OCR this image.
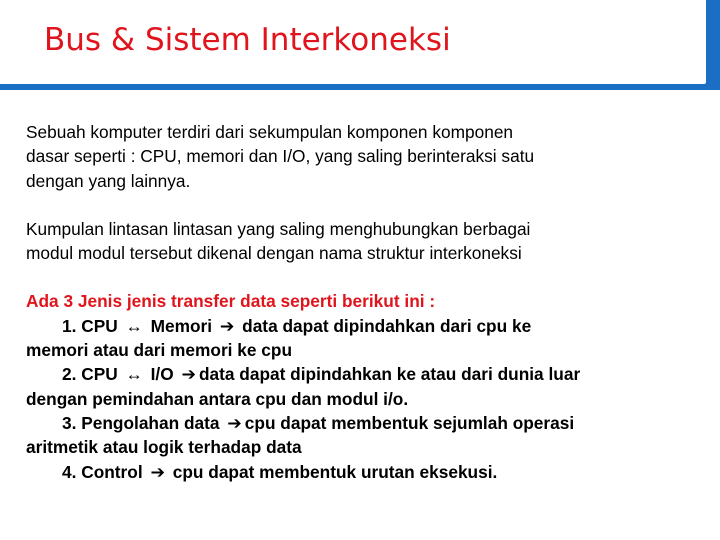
Bus & Sistem Interkoneksi
Sebuah komputer terdiri dari sekumpulan komponen komponen
dasar seperti : CPU, memori dan I/O, yang saling berinteraksi satu
dengan yang lainnya.
Kumpulan lintasan lintasan yang saling menghubungkan berbagai
modul modul tersebut dikenal dengan nama struktur interkoneksi
Ada 3 Jenis jenis transfer data seperti berikut ini :
1. CPU ↔ Memori ➔ data dapat dipindahkan dari cpu ke
memori atau dari memori ke cpu
2. CPU ↔ I/O ➔ data dapat dipindahkan ke atau dari dunia luar
dengan pemindahan antara cpu dan modul i/o.
3. Pengolahan data ➔ cpu dapat membentuk sejumlah operasi
aritmetik atau logik terhadap data
4. Control ➔ cpu dapat membentuk urutan eksekusi.
